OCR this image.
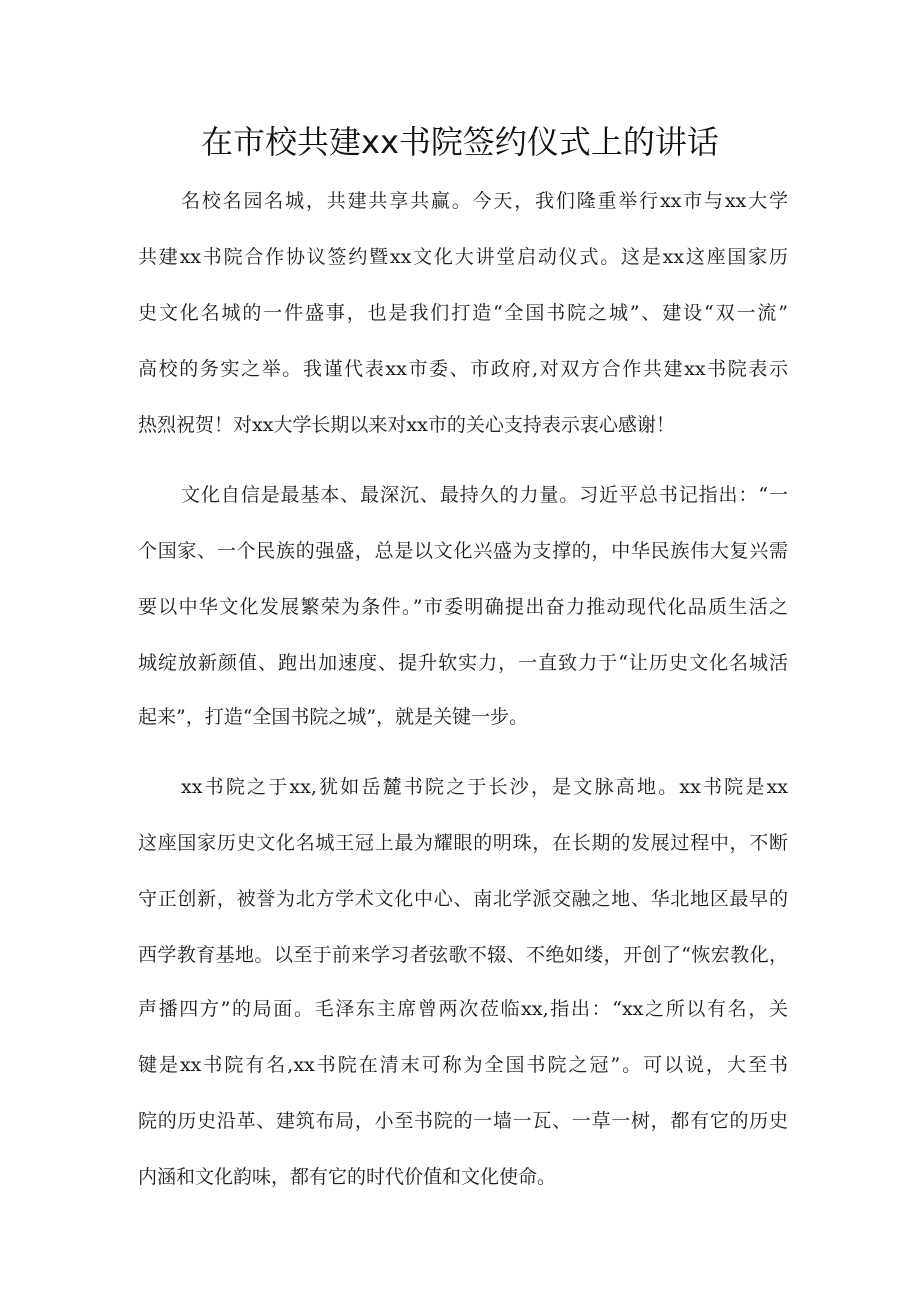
在市校共建xx书院签约仪式上的讲话

名校名园名城，共建共享共赢。今天，我们隆重举行xx市与xx大学

共建xx书院合作协议签约暨xx文化大讲堂启动仪式。这是xx这座国家历

史文化名城的一件盛事，也是我们打造“全国书院之城”、建设“双一流”

高校的务实之举。我谨代表xx市委、市政府,对双方合作共建xx书院表示

热烈祝贺！对xx大学长期以来对xx市的关心支持表示衷心感谢！

文化自信是最基本、最深沉、最持久的力量。习近平总书记指出：“一

个国家、一个民族的强盛，总是以文化兴盛为支撑的，中华民族伟大复兴需

要以中华文化发展繁荣为条件。”市委明确提出奋力推动现代化品质生活之

城绽放新颜值、跑出加速度、提升软实力，一直致力于“让历史文化名城活

起来”，打造“全国书院之城”，就是关键一步。

xx书院之于xx,犹如岳麓书院之于长沙，是文脉高地。xx书院是xx

这座国家历史文化名城王冠上最为耀眼的明珠，在长期的发展过程中，不断

守正创新，被誉为北方学术文化中心、南北学派交融之地、华北地区最早的

西学教育基地。以至于前来学习者弦歌不辍、不绝如缕，开创了“恢宏教化，

声播四方”的局面。毛泽东主席曾两次莅临xx,指出：“xx之所以有名，关

键是xx书院有名,xx书院在清末可称为全国书院之冠”。可以说，大至书

院的历史沿革、建筑布局，小至书院的一墙一瓦、一草一树，都有它的历史

内涵和文化韵味，都有它的时代价值和文化使命。
